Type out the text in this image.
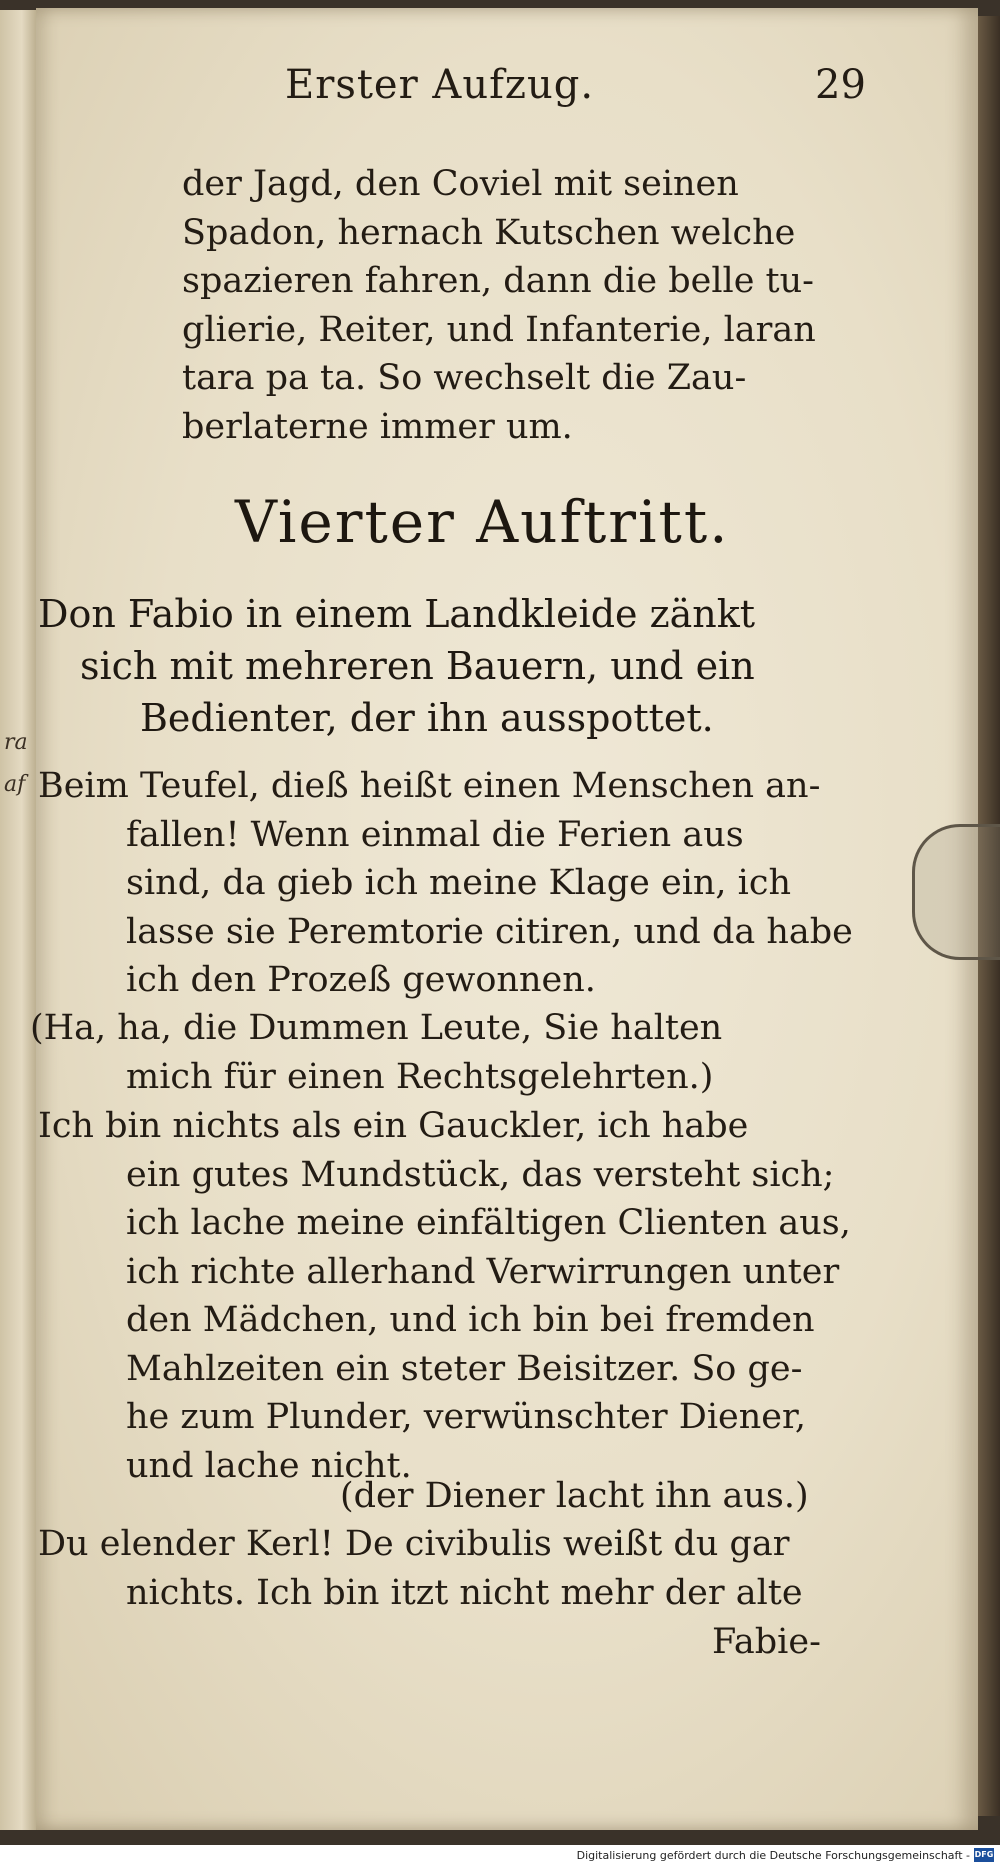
ra
af
Erster Aufzug.	29
der Jagd, den Coviel mit seinen
Spadon, hernach Kutschen welche
spazieren fahren, dann die belle tu-
glierie, Reiter, und Infanterie, laran
tara pa ta. So wechselt die Zau-
berlaterne immer um.
Vierter Auftritt.
Don Fabio in einem Landkleide zänkt
sich mit mehreren Bauern, und ein
Bedienter, der ihn ausspottet.
Beim Teufel, dieß heißt einen Menschen an-
fallen! Wenn einmal die Ferien aus
sind, da gieb ich meine Klage ein, ich
lasse sie Peremtorie citiren, und da habe
ich den Prozeß gewonnen.
(Ha, ha, die Dummen Leute, Sie halten
mich für einen Rechtsgelehrten.)
Ich bin nichts als ein Gauckler, ich habe
ein gutes Mundstück, das versteht sich;
ich lache meine einfältigen Clienten aus,
ich richte allerhand Verwirrungen unter
den Mädchen, und ich bin bei fremden
Mahlzeiten ein steter Beisitzer. So ge-
he zum Plunder, verwünschter Diener,
und lache nicht.
(der Diener lacht ihn aus.)
Du elender Kerl! De civibulis weißt du gar
nichts. Ich bin itzt nicht mehr der alte
Fabie-
Digitalisierung gefördert durch die Deutsche Forschungsgemeinschaft - DFG
